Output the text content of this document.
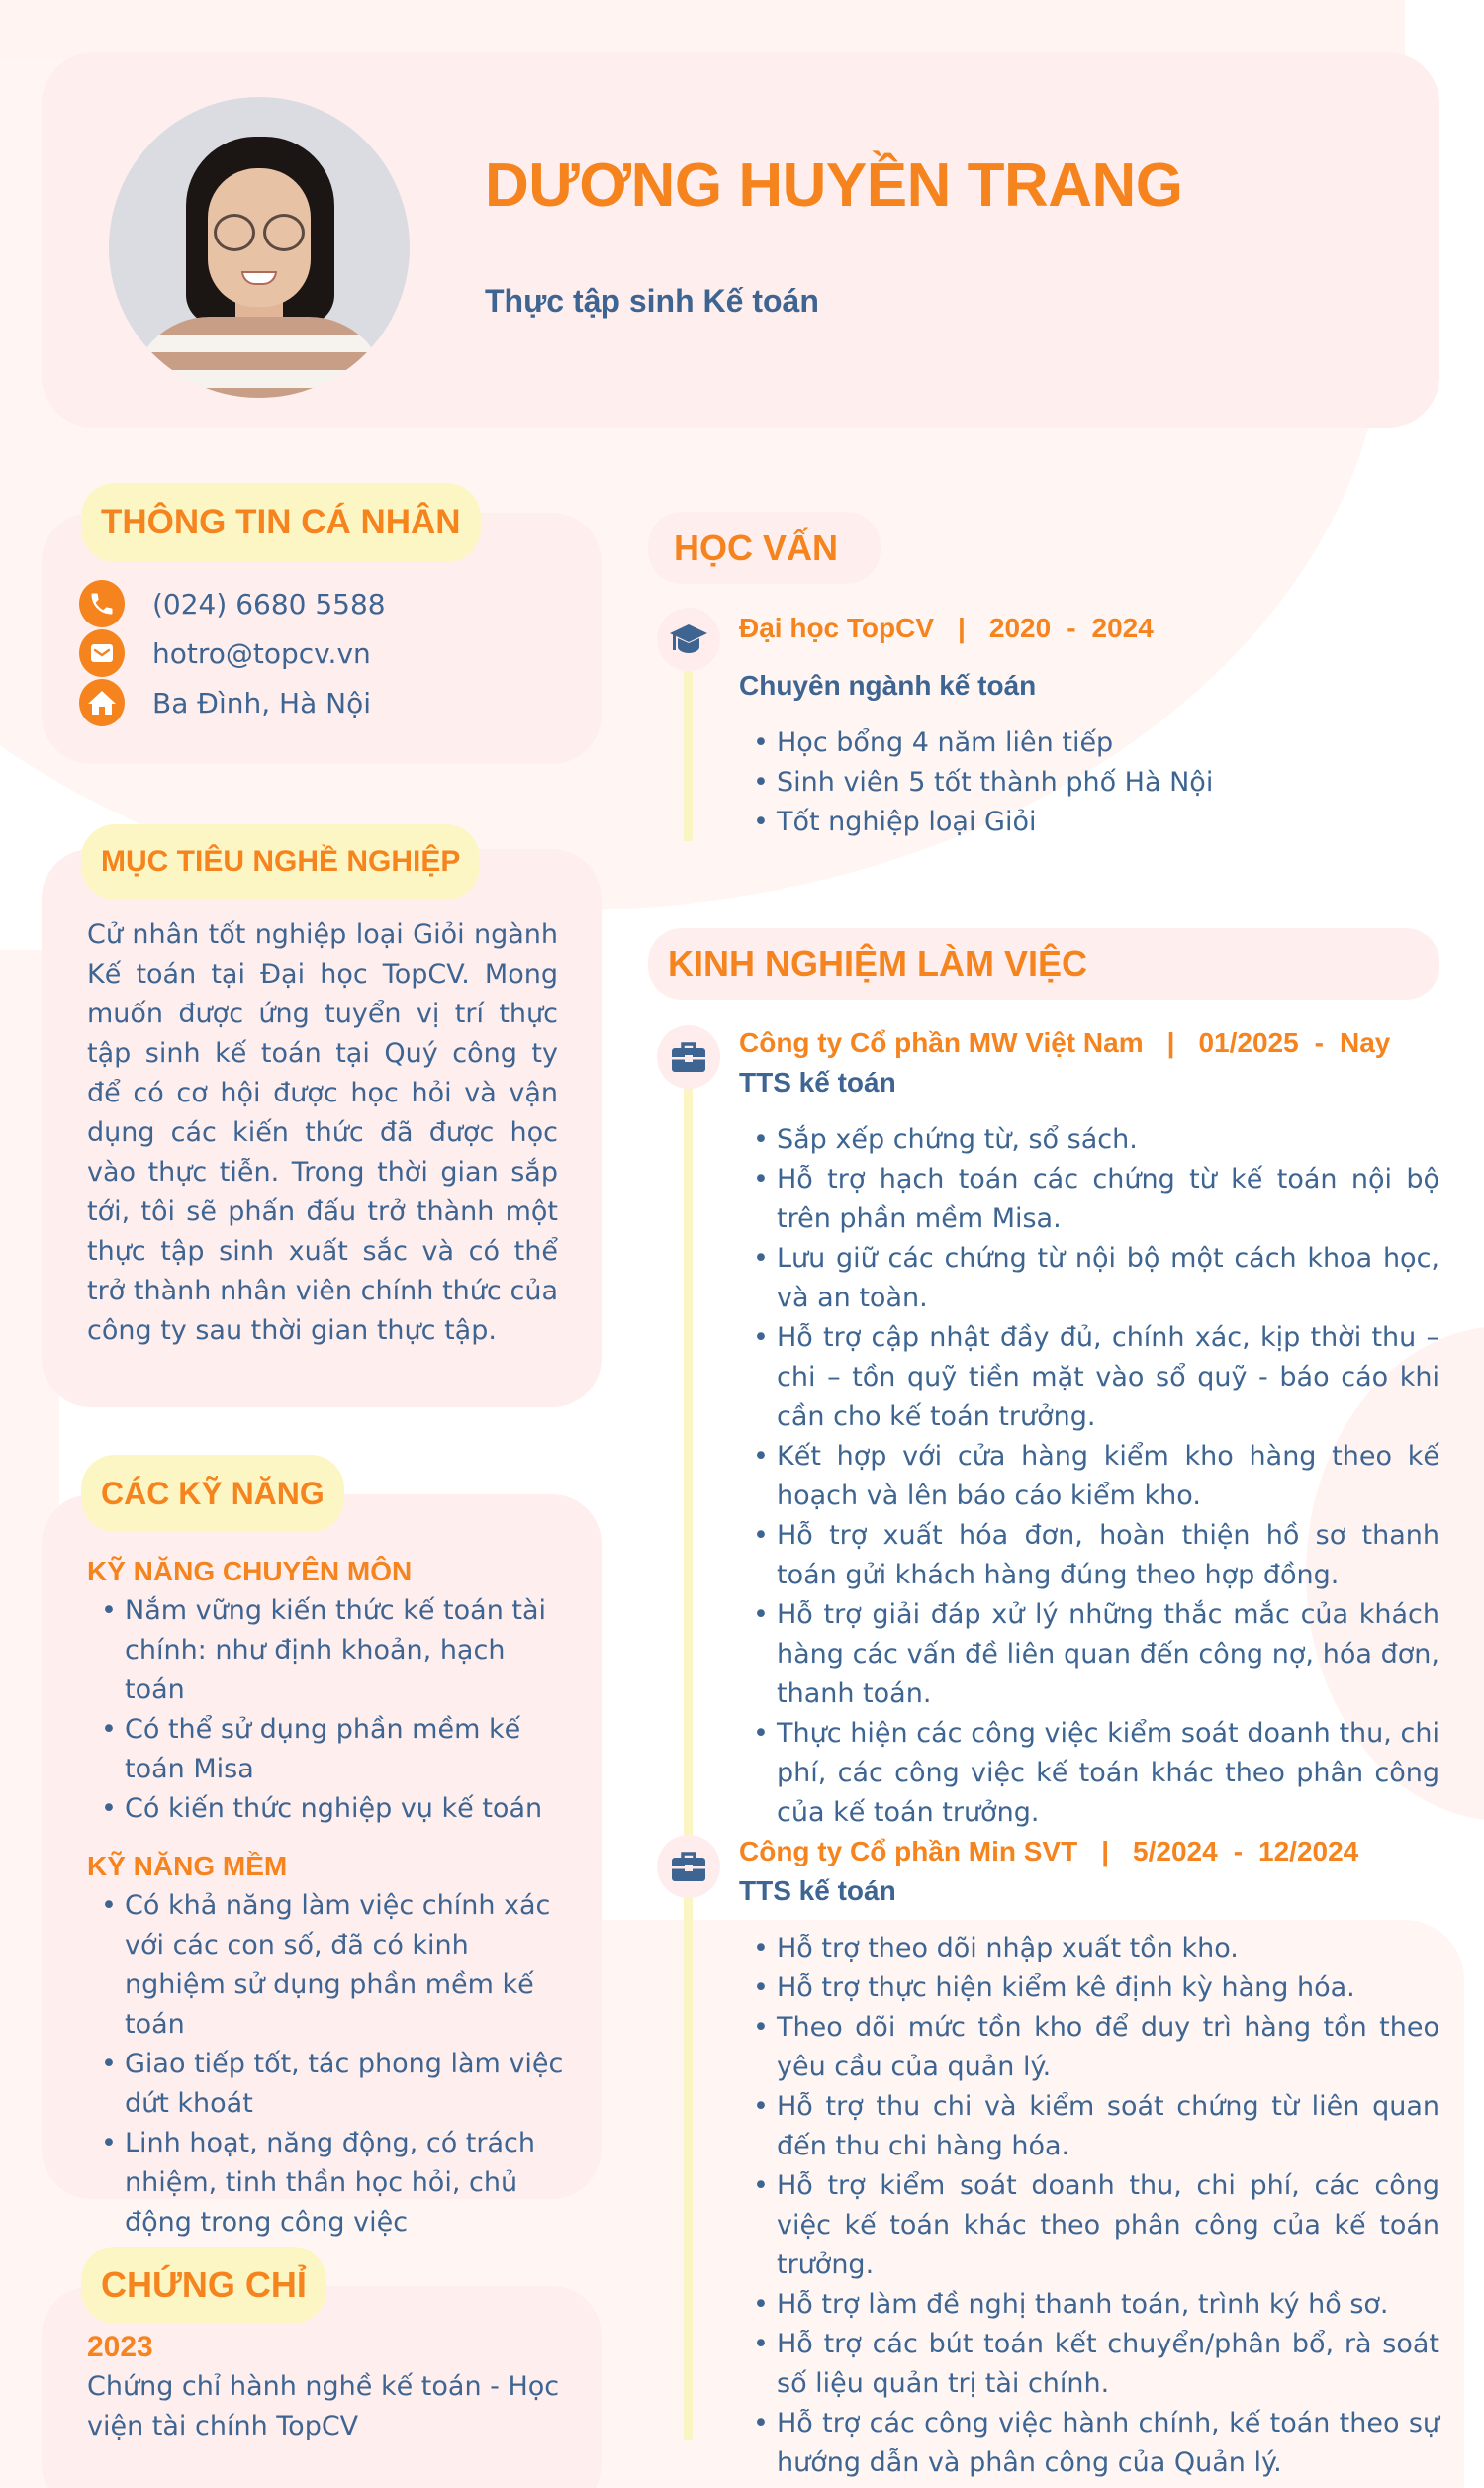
DƯƠNG HUYỀN TRANG
Thực tập sinh Kế toán
THÔNG TIN CÁ NHÂN
(024) 6680 5588
hotro@topcv.vn
Ba Đình, Hà Nội
MỤC TIÊU NGHỀ NGHIỆP
Cử nhân tốt nghiệp loại Giỏi ngành Kế toán tại Đại học TopCV. Mong muốn được ứng tuyển vị trí thực tập sinh kế toán tại Quý công ty để có cơ hội được học hỏi và vận dụng các kiến thức đã được học vào thực tiễn. Trong thời gian sắp tới, tôi sẽ phấn đấu trở thành một thực tập sinh xuất sắc và có thể trở thành nhân viên chính thức của công ty sau thời gian thực tập.
CÁC KỸ NĂNG
KỸ NĂNG CHUYÊN MÔN
• Nắm vững kiến thức kế toán tài chính: như định khoản, hạch toán
• Có thể sử dụng phần mềm kế toán Misa
• Có kiến thức nghiệp vụ kế toán
KỸ NĂNG MỀM
• Có khả năng làm việc chính xác với các con số, đã có kinh nghiệm sử dụng phần mềm kế toán
• Giao tiếp tốt, tác phong làm việc dứt khoát
• Linh hoạt, năng động, có trách nhiệm, tinh thần học hỏi, chủ động trong công việc
CHỨNG CHỈ
2023
Chứng chỉ hành nghề kế toán - Học viện tài chính TopCV
HỌC VẤN
Đại học TopCV | 2020 - 2024
Chuyên ngành kế toán
• Học bổng 4 năm liên tiếp
• Sinh viên 5 tốt thành phố Hà Nội
• Tốt nghiệp loại Giỏi
KINH NGHIỆM LÀM VIỆC
Công ty Cổ phần MW Việt Nam | 01/2025 - Nay
TTS kế toán
• Sắp xếp chứng từ, sổ sách.
• Hỗ trợ hạch toán các chứng từ kế toán nội bộ trên phần mềm Misa.
• Lưu giữ các chứng từ nội bộ một cách khoa học, và an toàn.
• Hỗ trợ cập nhật đầy đủ, chính xác, kịp thời thu – chi – tồn quỹ tiền mặt vào sổ quỹ - báo cáo khi cần cho kế toán trưởng.
• Kết hợp với cửa hàng kiểm kho hàng theo kế hoạch và lên báo cáo kiểm kho.
• Hỗ trợ xuất hóa đơn, hoàn thiện hồ sơ thanh toán gửi khách hàng đúng theo hợp đồng.
• Hỗ trợ giải đáp xử lý những thắc mắc của khách hàng các vấn đề liên quan đến công nợ, hóa đơn, thanh toán.
• Thực hiện các công việc kiểm soát doanh thu, chi phí, các công việc kế toán khác theo phân công của kế toán trưởng.
Công ty Cổ phần Min SVT | 5/2024 - 12/2024
TTS kế toán
• Hỗ trợ theo dõi nhập xuất tồn kho.
• Hỗ trợ thực hiện kiểm kê định kỳ hàng hóa.
• Theo dõi mức tồn kho để duy trì hàng tồn theo yêu cầu của quản lý.
• Hỗ trợ thu chi và kiểm soát chứng từ liên quan đến thu chi hàng hóa.
• Hỗ trợ kiểm soát doanh thu, chi phí, các công việc kế toán khác theo phân công của kế toán trưởng.
• Hỗ trợ làm đề nghị thanh toán, trình ký hồ sơ.
• Hỗ trợ các bút toán kết chuyển/phân bổ, rà soát số liệu quản trị tài chính.
• Hỗ trợ các công việc hành chính, kế toán theo sự hướng dẫn và phân công của Quản lý.
